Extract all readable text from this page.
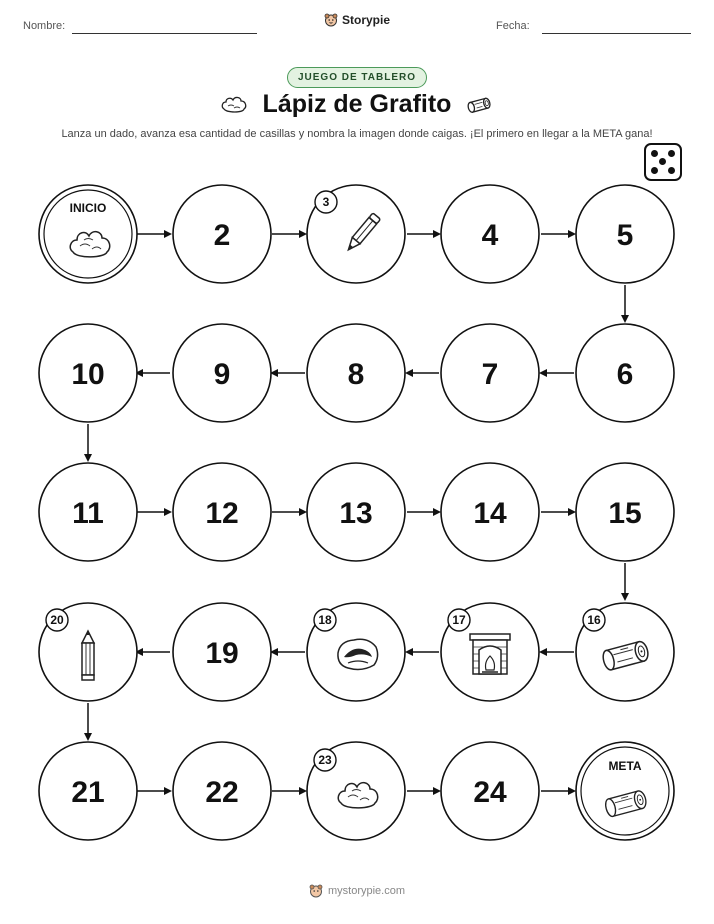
Nombre:	Fecha:
Storypie
JUEGO DE TABLERO
Lápiz de Grafito
Lanza un dado, avanza esa cantidad de casillas y nombra la imagen donde caigas. ¡El primero en llegar a la META gana!
INICIO
2
3
4	5
6
7
8
9
10
11	12	13	14	15
16
17
18
19
20
21	22
23
24
META
mystorypie.com
